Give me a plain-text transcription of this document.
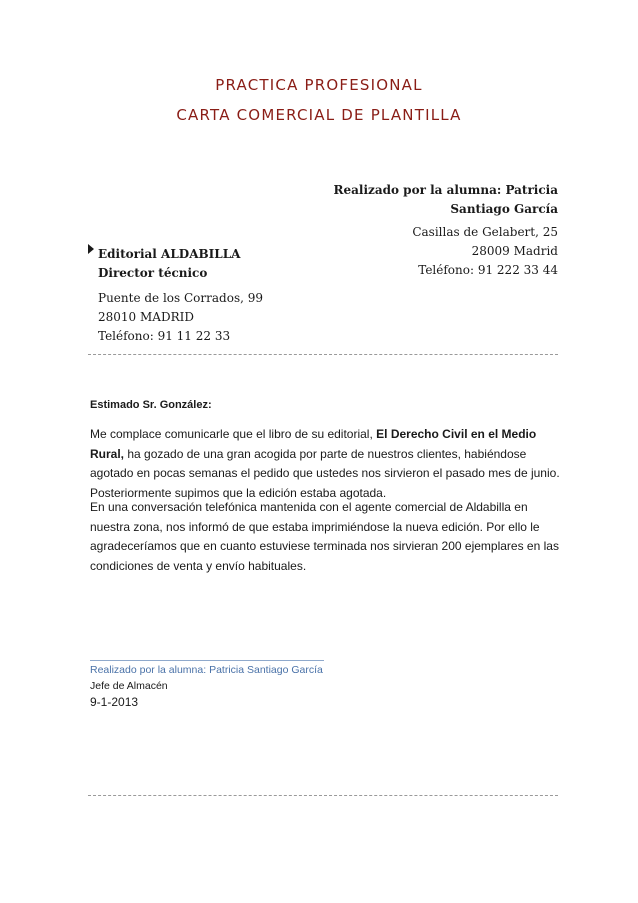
PRACTICA PROFESIONAL
CARTA COMERCIAL DE PLANTILLA
Realizado por la alumna: Patricia
Santiago García
Casillas de Gelabert, 25
28009 Madrid
Teléfono: 91 222 33 44
Editorial ALDABILLA
Director técnico
Puente de los Corrados, 99
28010 MADRID
Teléfono: 91 11 22 33
Estimado Sr. González:
Me complace comunicarle que el libro de su editorial, El Derecho Civil en el Medio Rural, ha gozado de una gran acogida por parte de nuestros clientes, habiéndose agotado en pocas semanas el pedido que ustedes nos sirvieron el pasado mes de junio. Posteriormente supimos que la edición estaba agotada.
En una conversación telefónica mantenida con el agente comercial de Aldabilla en nuestra zona, nos informó de que estaba imprimiéndose la nueva edición. Por ello le agradeceríamos que en cuanto estuviese terminada nos sirvieran 200 ejemplares en las condiciones de venta y envío habituales.
Realizado por la alumna: Patricia Santiago García
Jefe de Almacén
9-1-2013
